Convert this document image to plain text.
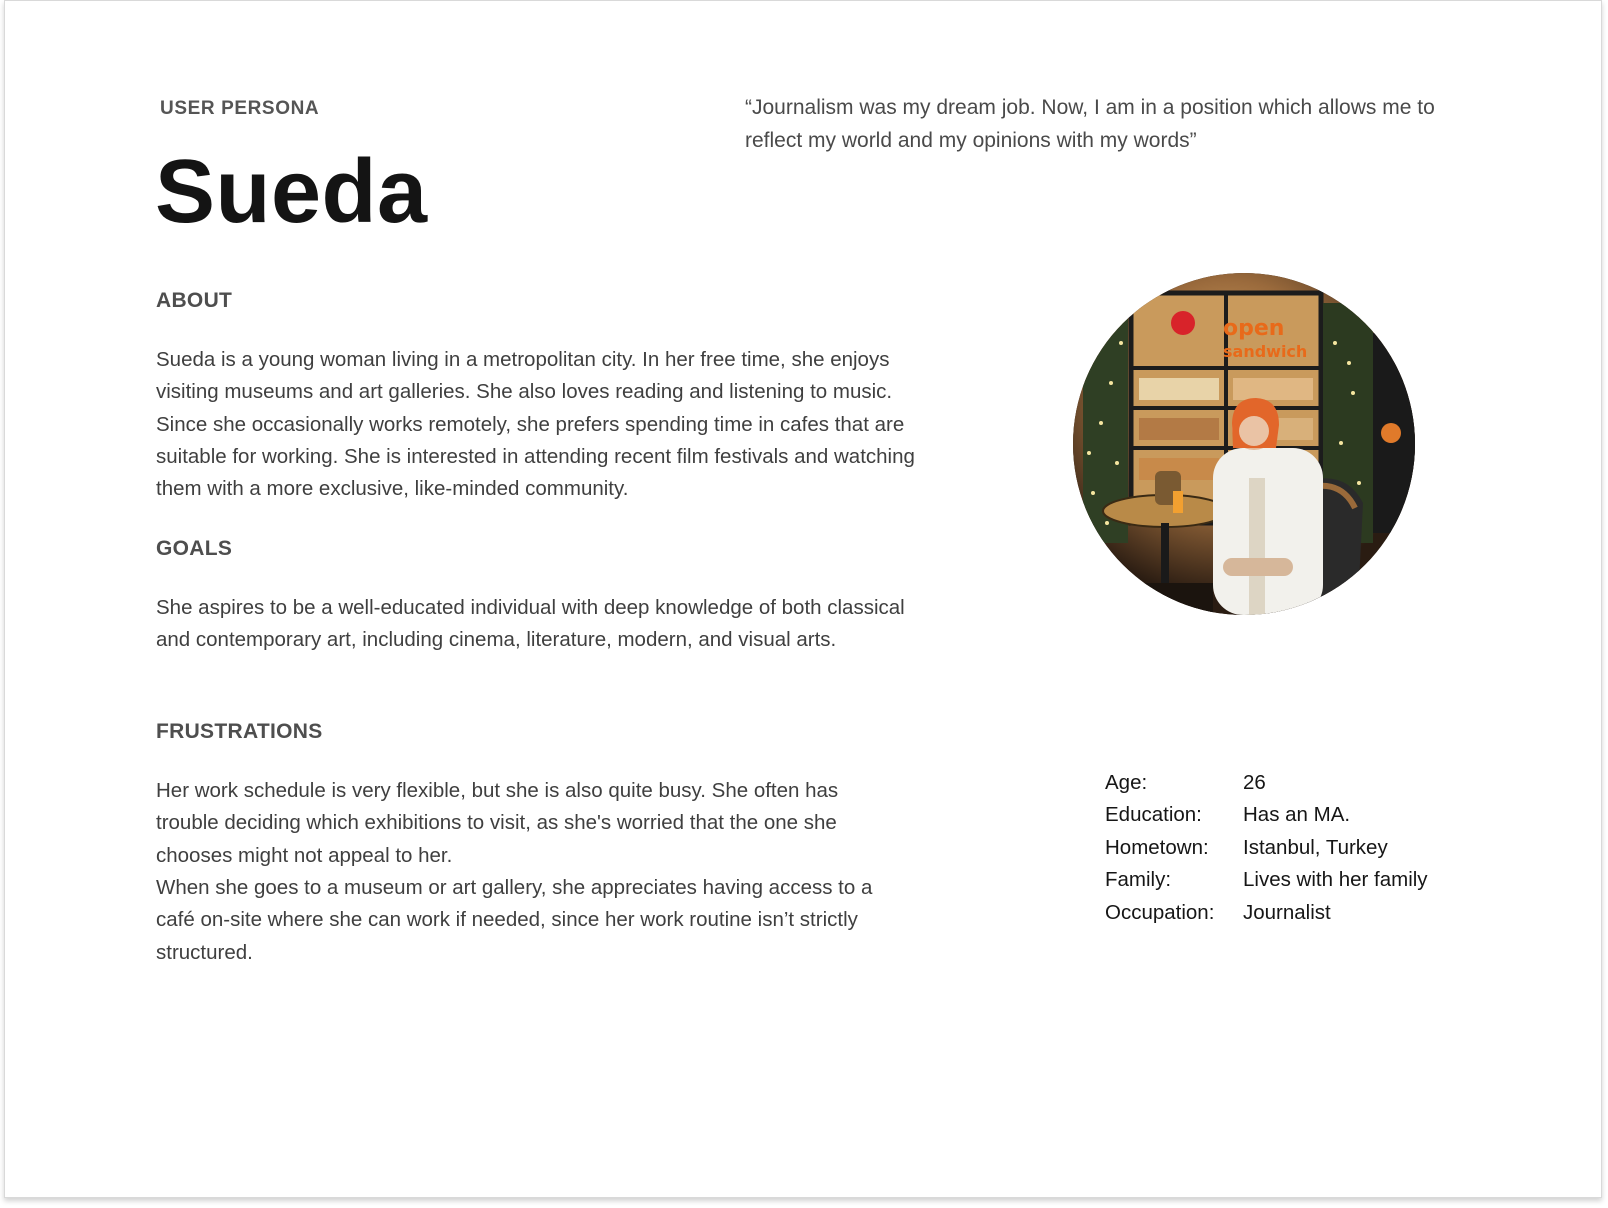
USER PERSONA
Sueda
“Journalism was my dream job. Now, I am in a position which allows me to reflect my world and my opinions with my words”
ABOUT

Sueda is a young woman living in a metropolitan city. In her free time, she enjoys visiting museums and art galleries. She also loves reading and listening to music. Since she occasionally works remotely, she prefers spending time in cafes that are suitable for working. She is interested in attending recent film festivals and watching them with a more exclusive, like-minded community.

GOALS

She aspires to be a well-educated individual with deep knowledge of both classical and contemporary art, including cinema, literature, modern, and visual arts.

FRUSTRATIONS

Her work schedule is very flexible, but she is also quite busy. She often has trouble deciding which exhibitions to visit, as she's worried that the one she chooses might not appeal to her.

When she goes to a museum or art gallery, she appreciates having access to a café on-site where she can work if needed, since her work routine isn’t strictly structured.

open
sandwich
Age:	26
Education:	Has an MA.
Hometown:	Istanbul, Turkey
Family:	Lives with her family
Occupation:	Journalist
